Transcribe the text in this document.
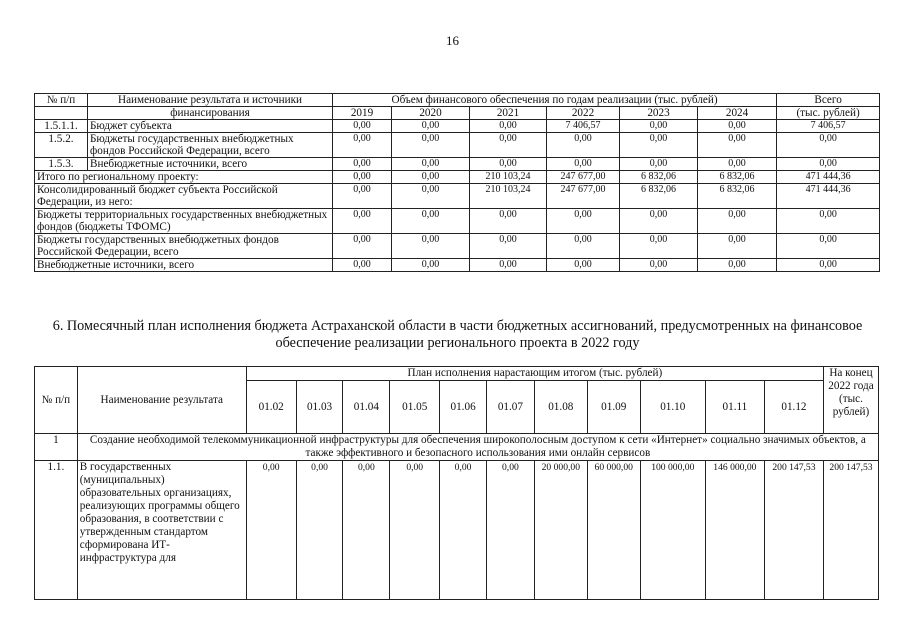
16
№ п/п	Наименование результата и источники	Объем финансового обеспечения по годам реализации (тыс. рублей)						Всего
	финансирования	2019	2020	2021	2022	2023	2024	(тыс. рублей)
1.5.1.1.	Бюджет субъекта	0,00	0,00	0,00	7 406,57	0,00	0,00	7 406,57
1.5.2.	Бюджеты государственных внебюджетных фондов Российской Федерации, всего	0,00	0,00	0,00	0,00	0,00	0,00	0,00
1.5.3.	Внебюджетные источники, всего	0,00	0,00	0,00	0,00	0,00	0,00	0,00
Итого по региональному проекту:		0,00	0,00	210 103,24	247 677,00	6 832,06	6 832,06	471 444,36
Консолидированный бюджет субъекта Российской Федерации, из него:		0,00	0,00	210 103,24	247 677,00	6 832,06	6 832,06	471 444,36
Бюджеты территориальных государственных внебюджетных фондов (бюджеты ТФОМС)		0,00	0,00	0,00	0,00	0,00	0,00	0,00
Бюджеты государственных внебюджетных фондов Российской Федерации, всего		0,00	0,00	0,00	0,00	0,00	0,00	0,00
Внебюджетные источники, всего		0,00	0,00	0,00	0,00	0,00	0,00	0,00
6. Помесячный план исполнения бюджета Астраханской области в части бюджетных ассигнований, предусмотренных на финансовое обеспечение реализации регионального проекта в 2022 году
№ п/п	Наименование результата	План исполнения нарастающим итогом (тыс. рублей)											На конец 2022 года (тыс. рублей)
		01.02	01.03	01.04	01.05	01.06	01.07	01.08	01.09	01.10	01.11	01.12	
1	Создание необходимой телекоммуникационной инфраструктуры для обеспечения широкополосным доступом к сети «Интернет» социально значимых объектов, а также эффективного и безопасного использования ими онлайн сервисов												
1.1.	В государственных (муниципальных) образовательных организациях, реализующих программы общего образования, в соответствии с утвержденным стандартом сформирована ИТ-инфраструктура для	0,00	0,00	0,00	0,00	0,00	0,00	20 000,00	60 000,00	100 000,00	146 000,00	200 147,53	200 147,53
